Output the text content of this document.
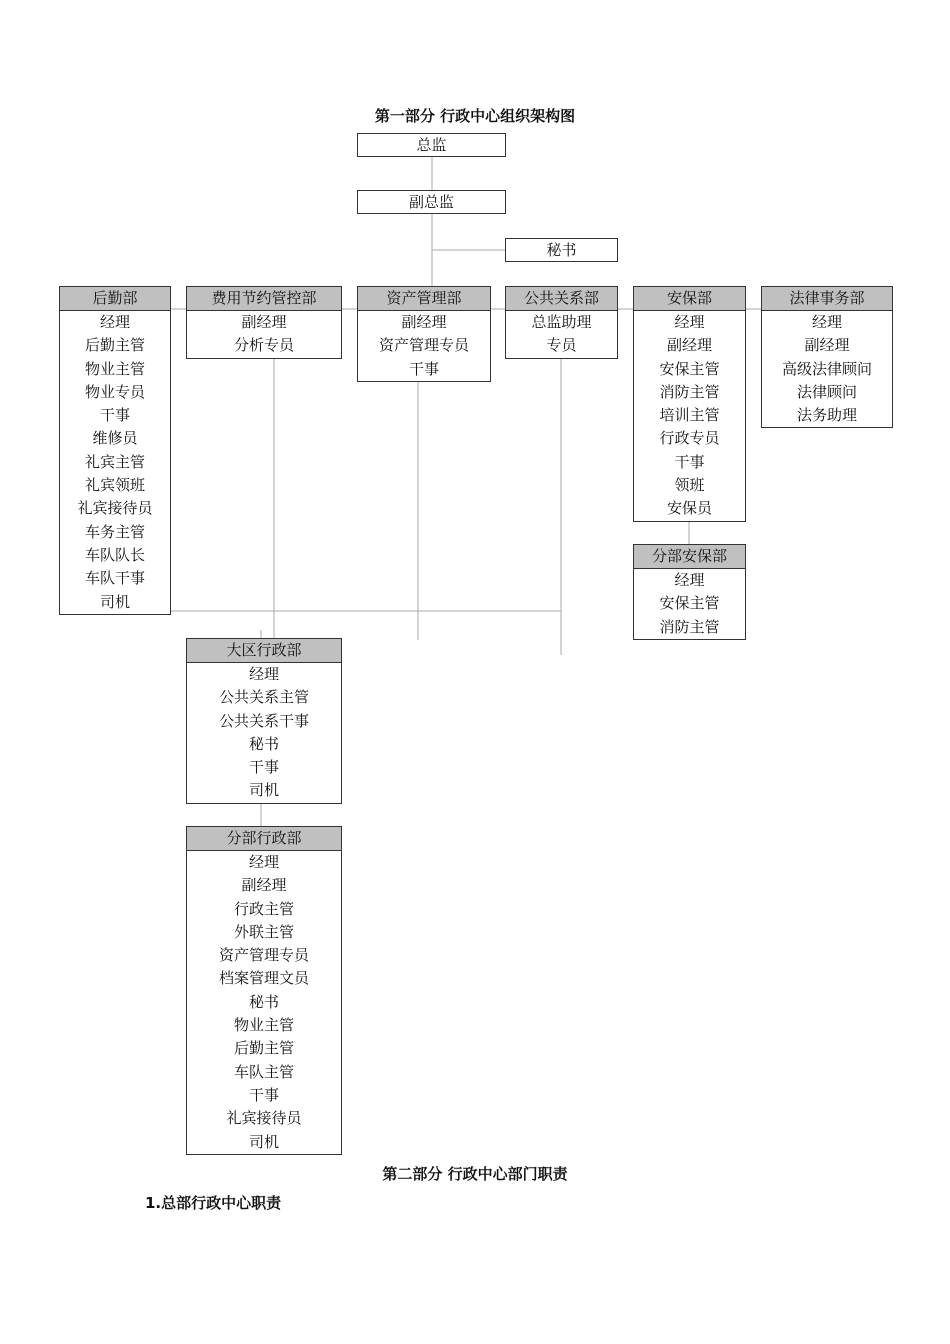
第一部分 行政中心组织架构图
总监
副总监
秘书
后勤部
经理
后勤主管
物业主管
物业专员
干事
维修员
礼宾主管
礼宾领班
礼宾接待员
车务主管
车队队长
车队干事
司机
费用节约管控部
副经理
分析专员
资产管理部
副经理
资产管理专员
干事
公共关系部
总监助理
专员
安保部
经理
副经理
安保主管
消防主管
培训主管
行政专员
干事
领班
安保员
法律事务部
经理
副经理
高级法律顾问
法律顾问
法务助理
分部安保部
经理
安保主管
消防主管
大区行政部
经理
公共关系主管
公共关系干事
秘书
干事
司机
分部行政部
经理
副经理
行政主管
外联主管
资产管理专员
档案管理文员
秘书
物业主管
后勤主管
车队主管
干事
礼宾接待员
司机
第二部分 行政中心部门职责
1.总部行政中心职责
